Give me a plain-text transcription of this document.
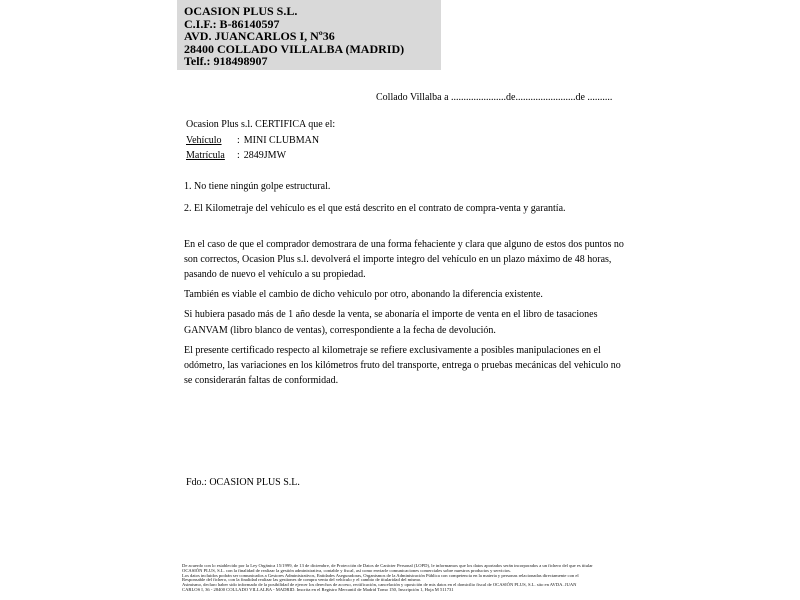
OCASION PLUS S.L.
C.I.F.: B-86140597
AVD. JUANCARLOS I, Nº36
28400 COLLADO VILLALBA (MADRID)
Telf.: 918498907
Collado Villalba a ......................de........................de ..........
Ocasion Plus s.l. CERTIFICA que el:
Vehículo : MINI CLUBMAN
Matrícula : 2849JMW
1. No tiene ningún golpe estructural.
2. El Kilometraje del vehículo es el que está descrito en el contrato de compra-venta y garantía.

En el caso de que el comprador demostrara de una forma fehaciente y clara que alguno de estos dos puntos no son correctos, Ocasion Plus s.l. devolverá el importe integro del vehículo en un plazo máximo de 48 horas, pasando de nuevo el vehículo a su propiedad.

También es viable el cambio de dicho vehiculo por otro, abonando la diferencia existente.

Si hubiera pasado más de 1 año desde la venta, se abonaría el importe de venta en el libro de tasaciones GANVAM (libro blanco de ventas), correspondiente a la fecha de devolución.

El presente certificado respecto al kilometraje se refiere exclusivamente a posibles manipulaciones en el odómetro, las variaciones en los kilómetros fruto del transporte, entrega o pruebas mecánicas del vehiculo no se considerarán faltas de conformidad.

Fdo.: OCASION PLUS S.L.
De acuerdo con lo establecido por la Ley Orgánica 15/1999, de 13 de diciembre, de Protección de Datos de Carácter Personal (LOPD), le informamos que los datos aportados serán incorporados a un fichero del que es titular
OCASIÓN PLUS, S.L. con la finalidad de realizar la gestión administrativa, contable y fiscal, así como enviarle comunicaciones comerciales sobre nuestros productos y servicios.
Los datos incluidos podrán ser comunicados a Gestores Administrativos, Entidades Aseguradoras, Organismos de la Administración Pública con competencia en la materia y personas relacionadas directamente con el
Responsable del fichero, con la finalidad realizar las gestiones de compra venta del vehículo y el cambio de titularidad del mismo.
Asimismo, declaro haber sido informado de la posibilidad de ejercer los derechos de acceso, rectificación, cancelación y oposición de mis datos en el domicilio fiscal de OCASIÓN PLUS, S.L. sito en AVDA. JUAN
CARLOS I, 36 - 28400 COLLADO VILLALBA - MADRID. Inscrita en el Registro Mercantil de Madrid Tomo 150, Inscripción 1, Hoja M 511731
